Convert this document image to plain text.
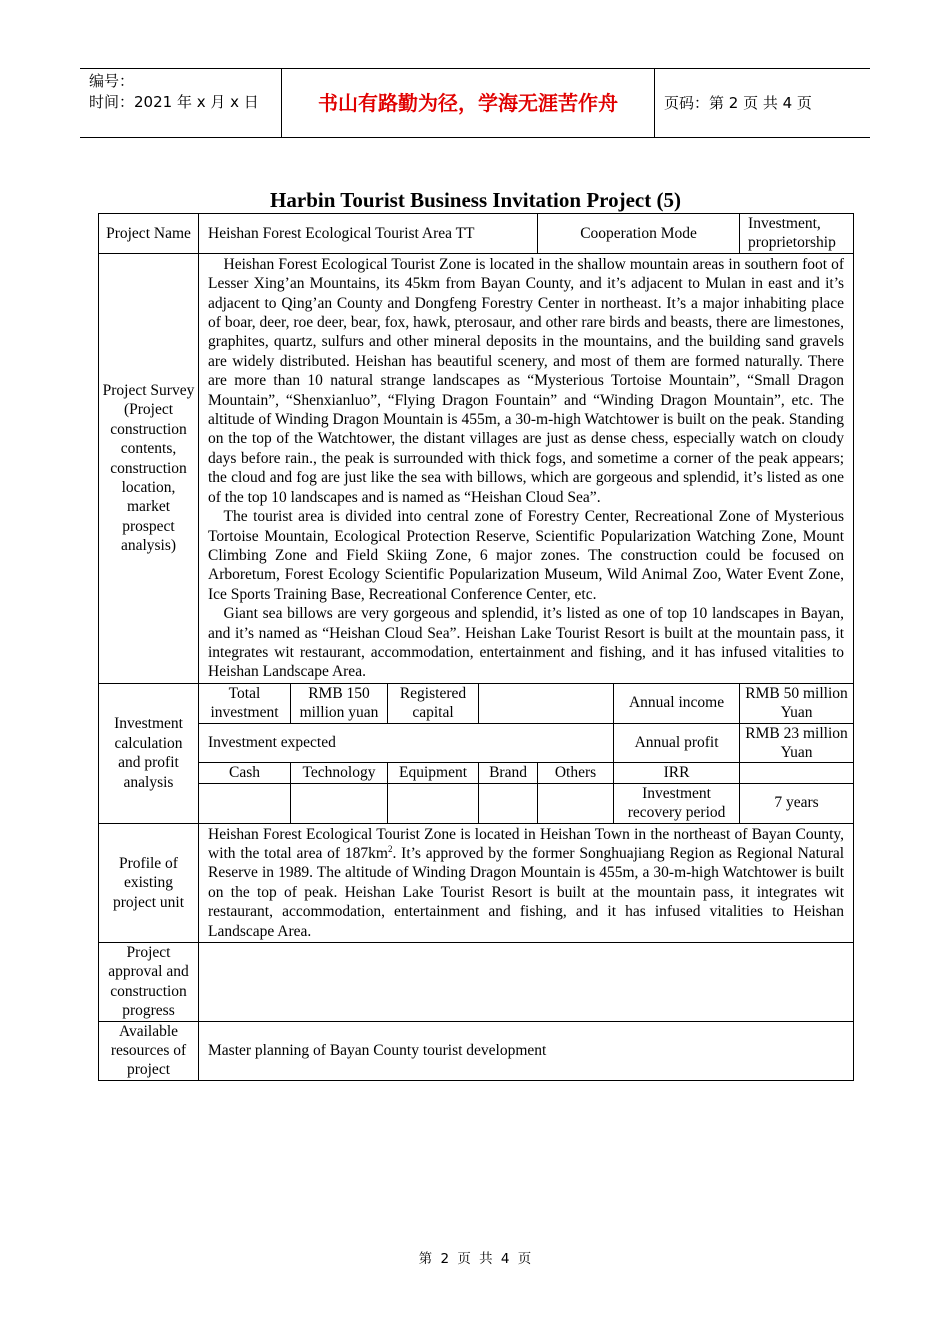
编号：
时间：2021 年 x 月 x 日	书山有路勤为径，学海无涯苦作舟	页码：第 2 页 共 4 页
Harbin Tourist Business Invitation Project (5)
Project Name	Heishan Forest Ecological Tourist Area TT				Cooperation Mode		Investment, proprietorship
Project Survey (Project construction contents, construction location, market prospect analysis)	Heishan Forest Ecological Tourist Zone is located in the shallow mountain areas in southern foot of Lesser Xing’an Mountains, its 45km from Bayan County, and it’s adjacent to Mulan in east and it’s adjacent to Qing’an County and Dongfeng Forestry Center in northeast. It’s a major inhabiting place of boar, deer, roe deer, bear, fox, hawk, pterosaur, and other rare birds and beasts, there are limestones, graphites, quartz, sulfurs and other mineral deposits in the mountains, and the building sand gravels are widely distributed. Heishan has beautiful scenery, and most of them are formed naturally. There are more than 10 natural strange landscapes as “Mysterious Tortoise Mountain”, “Small Dragon Mountain”, “Shenxianluo”, “Flying Dragon Fountain” and “Winding Dragon Mountain”, etc. The altitude of Winding Dragon Mountain is 455m, a 30-m-high Watchtower is built on the peak. Standing on the top of the Watchtower, the distant villages are just as dense chess, especially watch on cloudy days before rain., the peak is surrounded with thick fogs, and sometime a corner of the peak appears; the cloud and fog are just like the sea with billows, which are gorgeous and splendid, it’s listed as one of the top 10 landscapes and is named as “Heishan Cloud Sea”.

The tourist area is divided into central zone of Forestry Center, Recreational Zone of Mysterious Tortoise Mountain, Ecological Protection Reserve, Scientific Popularization Watching Zone, Mount Climbing Zone and Field Skiing Zone, 6 major zones. The construction could be focused on Arboretum, Forest Ecology Scientific Popularization Museum, Wild Animal Zoo, Water Event Zone, Ice Sports Training Base, Recreational Conference Center, etc.

Giant sea billows are very gorgeous and splendid, it’s listed as one of top 10 landscapes in Bayan, and it’s named as “Heishan Cloud Sea”. Heishan Lake Tourist Resort is built at the mountain pass, it integrates wit restaurant, accommodation, entertainment and fishing, and it has infused vitalities to Heishan Landscape Area.						

Investment calculation and profit analysis	Total investment	RMB 150 million yuan	Registered capital			Annual income	RMB 50 million Yuan
	Investment expected					Annual profit	RMB 23 million Yuan
	Cash	Technology	Equipment	Brand	Others	IRR	
						Investment recovery period	7 years
Profile of existing project unit	Heishan Forest Ecological Tourist Zone is located in Heishan Town in the northeast of Bayan County, with the total area of $187km^2$. It’s approved by the former Songhuajiang Region as Regional Natural Reserve in 1989. The altitude of Winding Dragon Mountain is 455m, a 30-m-high Watchtower is built on the top of peak. Heishan Lake Tourist Resort is built at the mountain pass, it integrates wit restaurant, accommodation, entertainment and fishing, and it has infused vitalities to Heishan Landscape Area.						

Project approval and construction progress							
Available resources of project	Master planning of Bayan County tourist development						
第 2 页 共 4 页
